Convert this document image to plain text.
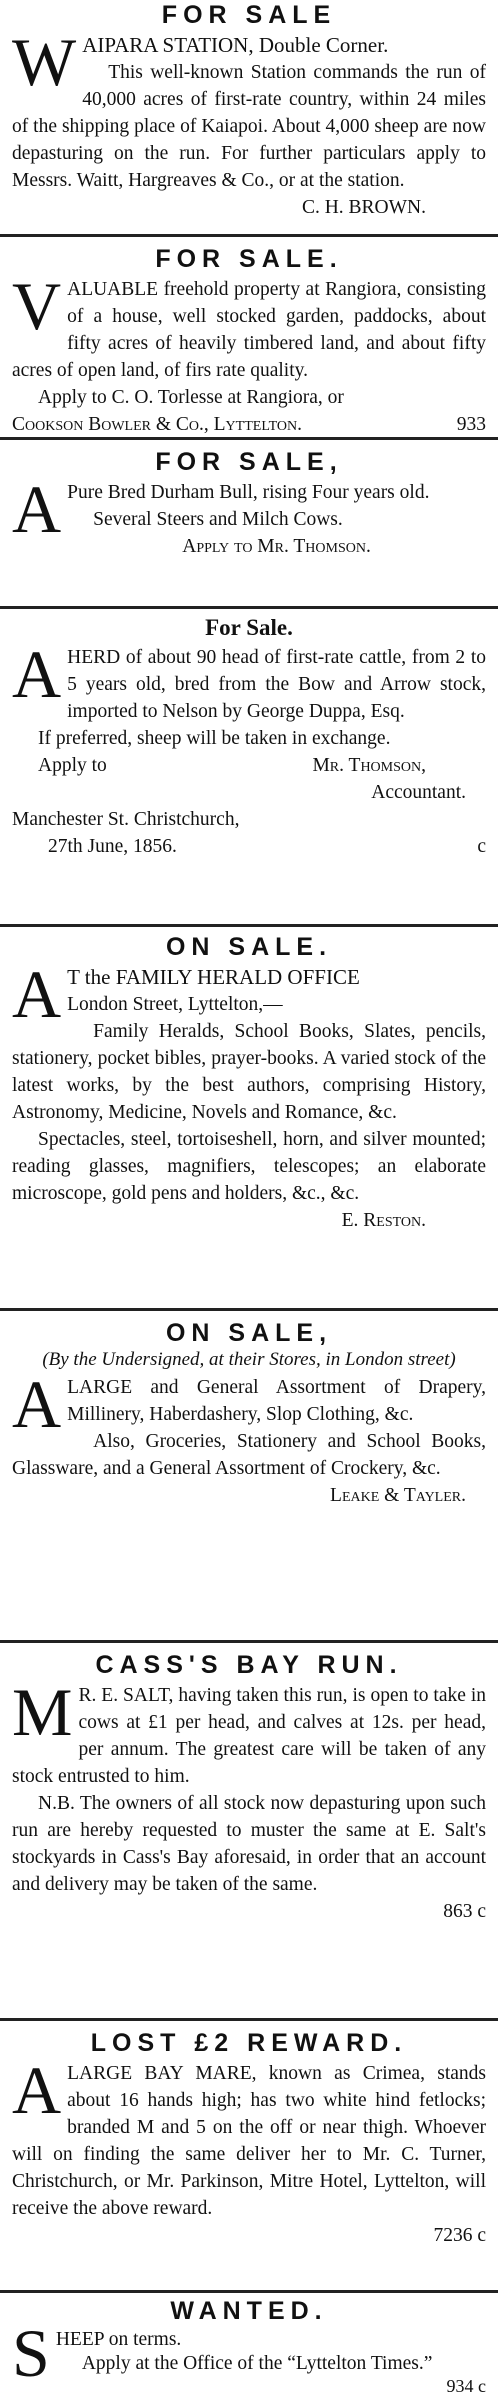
FOR SALE
W AIPARA STATION, Double Corner.

This well-known Station commands the run of 40,000 acres of first-rate country, within 24 miles of the shipping place of Kaiapoi. About 4,000 sheep are now depasturing on the run. For further particulars apply to Messrs. Waitt, Hargreaves & Co., or at the station.

C. H. BROWN.

FOR SALE.
V ALUABLE freehold property at Rangiora, consisting of a house, well stocked garden, paddocks, about fifty acres of heavily timbered land, and about fifty acres of open land, of firs rate quality.

Apply to C. O. Torlesse at Rangiora, or

Cookson Bowler & Co., Lyttelton.	933
FOR SALE,
A Pure Bred Durham Bull, rising Four years old.

Several Steers and Milch Cows.

Apply to Mr. Thomson.

For Sale.
A HERD of about 90 head of first-rate cattle, from 2 to 5 years old, bred from the Bow and Arrow stock, imported to Nelson by George Duppa, Esq.

If preferred, sheep will be taken in exchange.

Apply to	Mr. Thomson,

Accountant.

Manchester St. Christchurch,

27th June, 1856.	c
ON SALE.
A T the FAMILY HERALD OFFICE

London Street, Lyttelton,—

Family Heralds, School Books, Slates, pencils, stationery, pocket bibles, prayer-books. A varied stock of the latest works, by the best authors, comprising History, Astronomy, Medicine, Novels and Romance, &c.

Spectacles, steel, tortoiseshell, horn, and silver mounted; reading glasses, magnifiers, telescopes; an elaborate microscope, gold pens and holders, &c., &c.

E. Reston.

ON SALE,
(By the Undersigned, at their Stores, in London street)
A LARGE and General Assortment of Drapery, Millinery, Haberdashery, Slop Clothing, &c.

Also, Groceries, Stationery and School Books, Glassware, and a General Assortment of Crockery, &c.

Leake & Tayler.

CASS'S BAY RUN.
M R. E. SALT, having taken this run, is open to take in cows at £1 per head, and calves at 12s. per head, per annum. The greatest care will be taken of any stock entrusted to him.

N.B. The owners of all stock now depasturing upon such run are hereby requested to muster the same at E. Salt's stockyards in Cass's Bay aforesaid, in order that an account and delivery may be taken of the same.

863 c

LOST £2 REWARD.
A LARGE BAY MARE, known as Crimea, stands about 16 hands high; has two white hind fetlocks; branded M and 5 on the off or near thigh. Whoever will on finding the same deliver her to Mr. C. Turner, Christchurch, or Mr. Parkinson, Mitre Hotel, Lyttelton, will receive the above reward.

7236 c

WANTED.
S HEEP on terms.

Apply at the Office of the “Lyttelton Times.”

934 c
